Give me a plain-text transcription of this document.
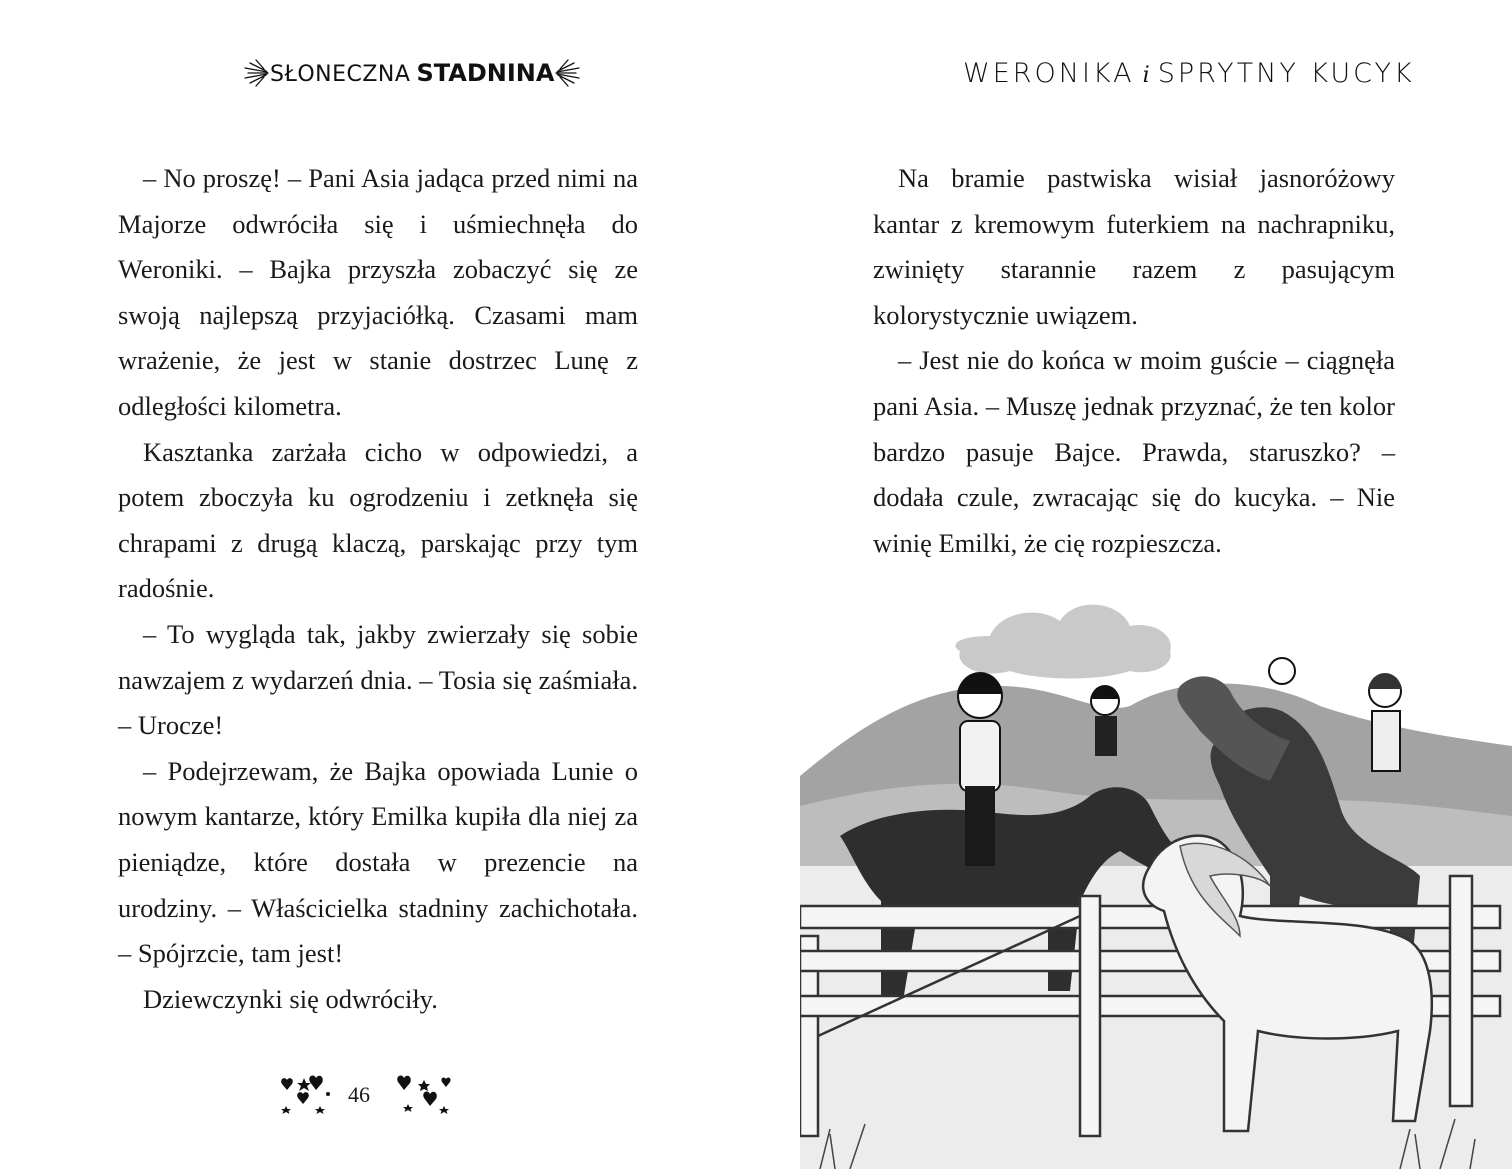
SŁONECZNA STADNINA

– No proszę! – Pani Asia jadąca przed nimi na Majorze odwróciła się i uśmiechnęła do Weroniki. – Bajka przyszła zobaczyć się ze swoją najlepszą przyjaciółką. Czasami mam wrażenie, że jest w stanie dostrzec Lunę z odległości kilometra.

Kasztanka zarżała cicho w odpowiedzi, a potem zboczyła ku ogrodzeniu i zetknęła się chrapami z drugą klaczą, parskając przy tym radośnie.

– To wygląda tak, jakby zwierzały się sobie nawzajem z wydarzeń dnia. – Tosia się zaśmiała. – Urocze!

– Podejrzewam, że Bajka opowiada Lunie o nowym kantarze, który Emilka kupiła dla niej za pieniądze, które dostała w prezencie na urodziny. – Właścicielka stadniny zachichotała. – Spójrzcie, tam jest!

Dziewczynki się odwróciły.

46
WERONIKA i SPRYTNY KUCYK

Na bramie pastwiska wisiał jasnoróżowy kantar z kremowym futerkiem na nachrapniku, zwinięty starannie razem z pasującym kolorystycznie uwiązem.

– Jest nie do końca w moim guście – ciągnęła pani Asia. – Muszę jednak przyznać, że ten kolor bardzo pasuje Bajce. Prawda, staruszko? – dodała czule, zwracając się do kucyka. – Nie winię Emilki, że cię rozpieszcza.
